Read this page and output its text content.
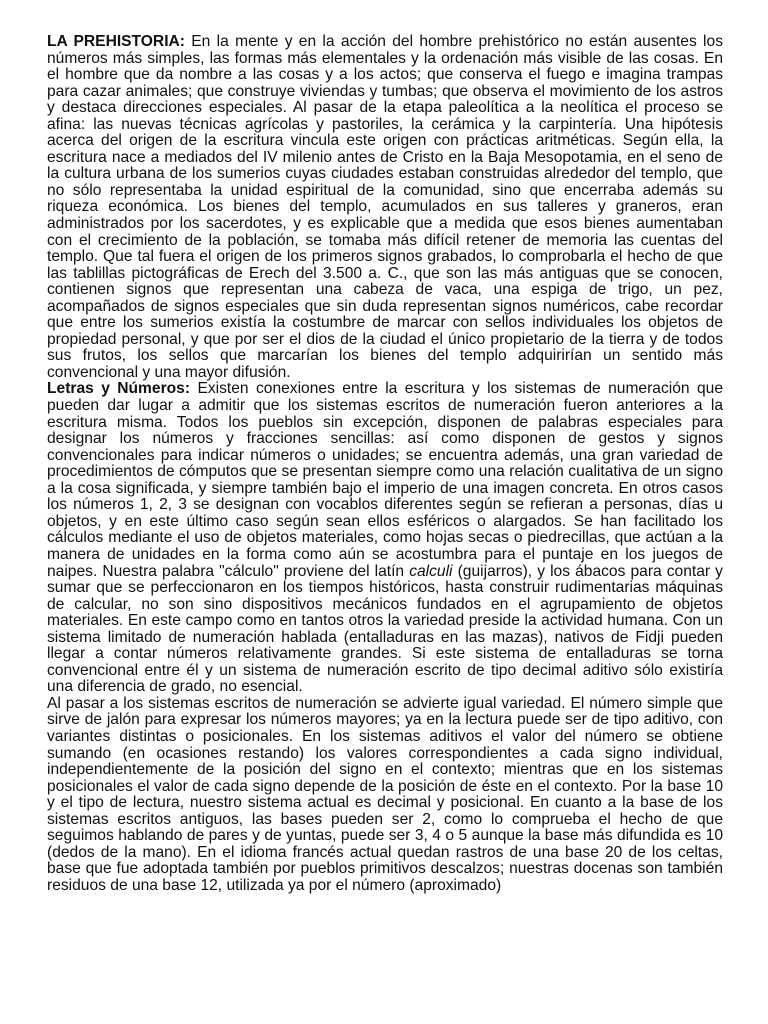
LA PREHISTORIA: En la mente y en la acción del hombre prehistórico no están ausentes los números más simples, las formas más elementales y la ordenación más visible de las cosas. En el hombre que da nombre a las cosas y a los actos; que conserva el fuego e imagina trampas para cazar animales; que construye viviendas y tumbas; que observa el movimiento de los astros y destaca direcciones especiales. Al pasar de la etapa paleolítica a la neolítica el proceso se afina: las nuevas técnicas agrícolas y pastoriles, la cerámica y la carpintería. Una hipótesis acerca del origen de la escritura vincula este origen con prácticas aritméticas. Según ella, la escritura nace a mediados del IV milenio antes de Cristo en la Baja Mesopotamia, en el seno de la cultura urbana de los sumerios cuyas ciudades estaban construidas alrededor del templo, que no sólo representaba la unidad espiritual de la comunidad, sino que encerraba además su riqueza económica. Los bienes del templo, acumulados en sus talleres y graneros, eran administrados por los sacerdotes, y es explicable que a medida que esos bienes aumentaban con el crecimiento de la población, se tomaba más difícil retener de memoria las cuentas del templo. Que tal fuera el origen de los primeros signos grabados, lo comprobarla el hecho de que las tablillas pictográficas de Erech del 3.500 a. C., que son las más antiguas que se conocen, contienen signos que representan una cabeza de vaca, una espiga de trigo, un pez, acompañados de signos especiales que sin duda representan signos numéricos, cabe recordar que entre los sumerios existía la costumbre de marcar con sellos individuales los objetos de propiedad personal, y que por ser el dios de la ciudad el único propietario de la tierra y de todos sus frutos, los sellos que marcarían los bienes del templo adquirirían un sentido más convencional y una mayor difusión.

Letras y Números: Existen conexiones entre la escritura y los sistemas de numeración que pueden dar lugar a admitir que los sistemas escritos de numeración fueron anteriores a la escritura misma. Todos los pueblos sin excepción, disponen de palabras especiales para designar los números y fracciones sencillas: así como disponen de gestos y signos convencionales para indicar números o unidades; se encuentra además, una gran variedad de procedimientos de cómputos que se presentan siempre como una relación cualitativa de un signo a la cosa significada, y siempre también bajo el imperio de una imagen concreta. En otros casos los números 1, 2, 3 se designan con vocablos diferentes según se refieran a personas, días u objetos, y en este último caso según sean ellos esféricos o alargados. Se han facilitado los cálculos mediante el uso de objetos materiales, como hojas secas o piedrecillas, que actúan a la manera de unidades en la forma como aún se acostumbra para el puntaje en los juegos de naipes. Nuestra palabra "cálculo" proviene del latín calculi (guijarros), y los ábacos para contar y sumar que se perfeccionaron en los tiempos históricos, hasta construir rudimentarias máquinas de calcular, no son sino dispositivos mecánicos fundados en el agrupamiento de objetos materiales. En este campo como en tantos otros la variedad preside la actividad humana. Con un sistema limitado de numeración hablada (entalladuras en las mazas), nativos de Fidji pueden llegar a contar números relativamente grandes. Si este sistema de entalladuras se torna convencional entre él y un sistema de numeración escrito de tipo decimal aditivo sólo existiría una diferencia de grado, no esencial.

Al pasar a los sistemas escritos de numeración se advierte igual variedad. El número simple que sirve de jalón para expresar los números mayores; ya en la lectura puede ser de tipo aditivo, con variantes distintas o posicionales. En los sistemas aditivos el valor del número se obtiene sumando (en ocasiones restando) los valores correspondientes a cada signo individual, independientemente de la posición del signo en el contexto; mientras que en los sistemas posicionales el valor de cada signo depende de la posición de éste en el contexto. Por la base 10 y el tipo de lectura, nuestro sistema actual es decimal y posicional. En cuanto a la base de los sistemas escritos antiguos, las bases pueden ser 2, como lo comprueba el hecho de que seguimos hablando de pares y de yuntas, puede ser 3, 4 o 5 aunque la base más difundida es 10 (dedos de la mano). En el idioma francés actual quedan rastros de una base 20 de los celtas, base que fue adoptada también por pueblos primitivos descalzos; nuestras docenas son también residuos de una base 12, utilizada ya por el número (aproximado)
